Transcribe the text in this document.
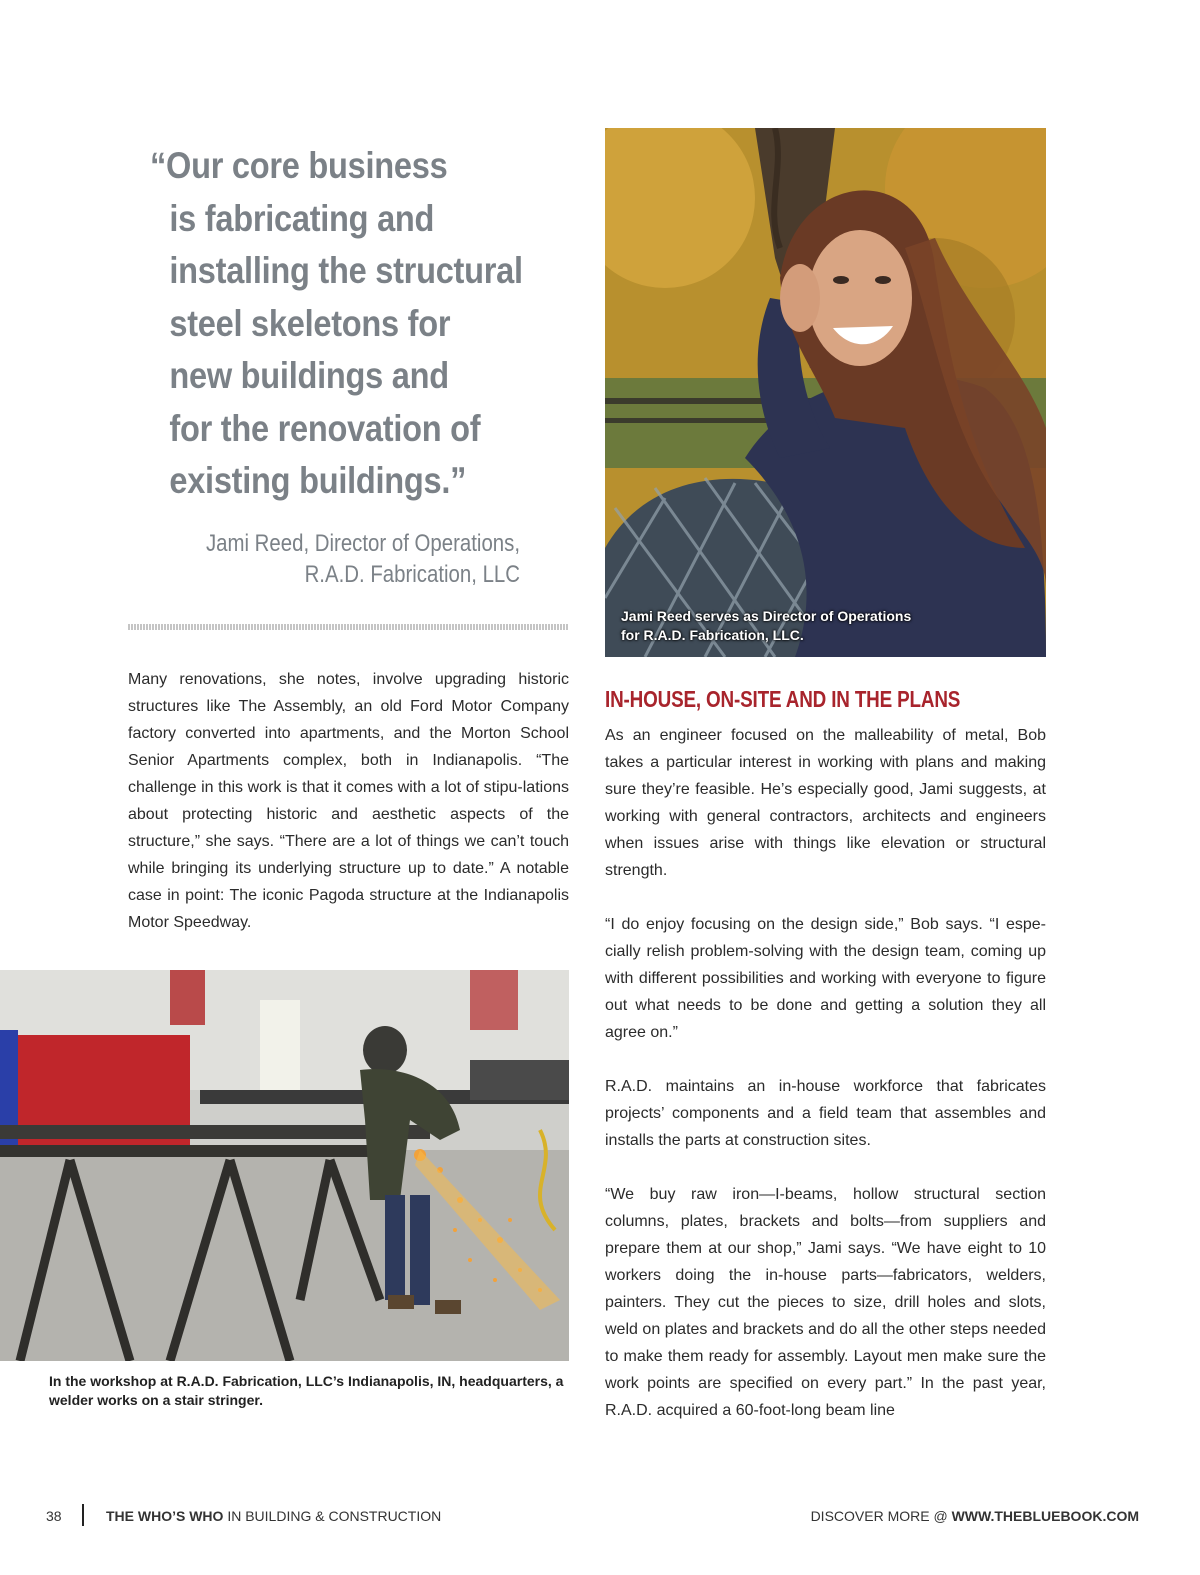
“Our core business
is fabricating and
installing the structural
steel skeletons for
new buildings and
for the renovation of
existing buildings.”
Jami Reed, Director of Operations,
R.A.D. Fabrication, LLC

Many renovations, she notes, involve upgrading historic structures like The Assembly, an old Ford Motor Company factory converted into apartments, and the Morton School Senior Apartments complex, both in Indianapolis. “The challenge in this work is that it comes with a lot of stipu-lations about protecting historic and aesthetic aspects of the structure,” she says. “There are a lot of things we can’t touch while bringing its underlying structure up to date.” A notable case in point: The iconic Pagoda structure at the Indianapolis Motor Speedway.

Jami Reed serves as Director of Operations
for R.A.D. Fabrication, LLC.
IN-HOUSE, ON-SITE AND IN THE PLANS

As an engineer focused on the malleability of metal, Bob takes a particular interest in working with plans and making sure they’re feasible. He’s especially good, Jami suggests, at working with general contractors, architects and engineers when issues arise with things like elevation or structural strength.

“I do enjoy focusing on the design side,” Bob says. “I espe-cially relish problem-solving with the design team, coming up with different possibilities and working with everyone to figure out what needs to be done and getting a solution they all agree on.”

R.A.D. maintains an in-house workforce that fabricates projects’ components and a field team that assembles and installs the parts at construction sites.

“We buy raw iron—I-beams, hollow structural section columns, plates, brackets and bolts—from suppliers and prepare them at our shop,” Jami says. “We have eight to 10 workers doing the in-house parts—fabricators, welders, painters. They cut the pieces to size, drill holes and slots, weld on plates and brackets and do all the other steps needed to make them ready for assembly. Layout men make sure the work points are specified on every part.” In the past year, R.A.D. acquired a 60-foot-long beam line

In the workshop at R.A.D. Fabrication, LLC’s Indianapolis, IN, headquarters, a welder works on a stair stringer.
38	THE WHO’S WHO IN BUILDING & CONSTRUCTION	DISCOVER MORE @ WWW.THEBLUEBOOK.COM
